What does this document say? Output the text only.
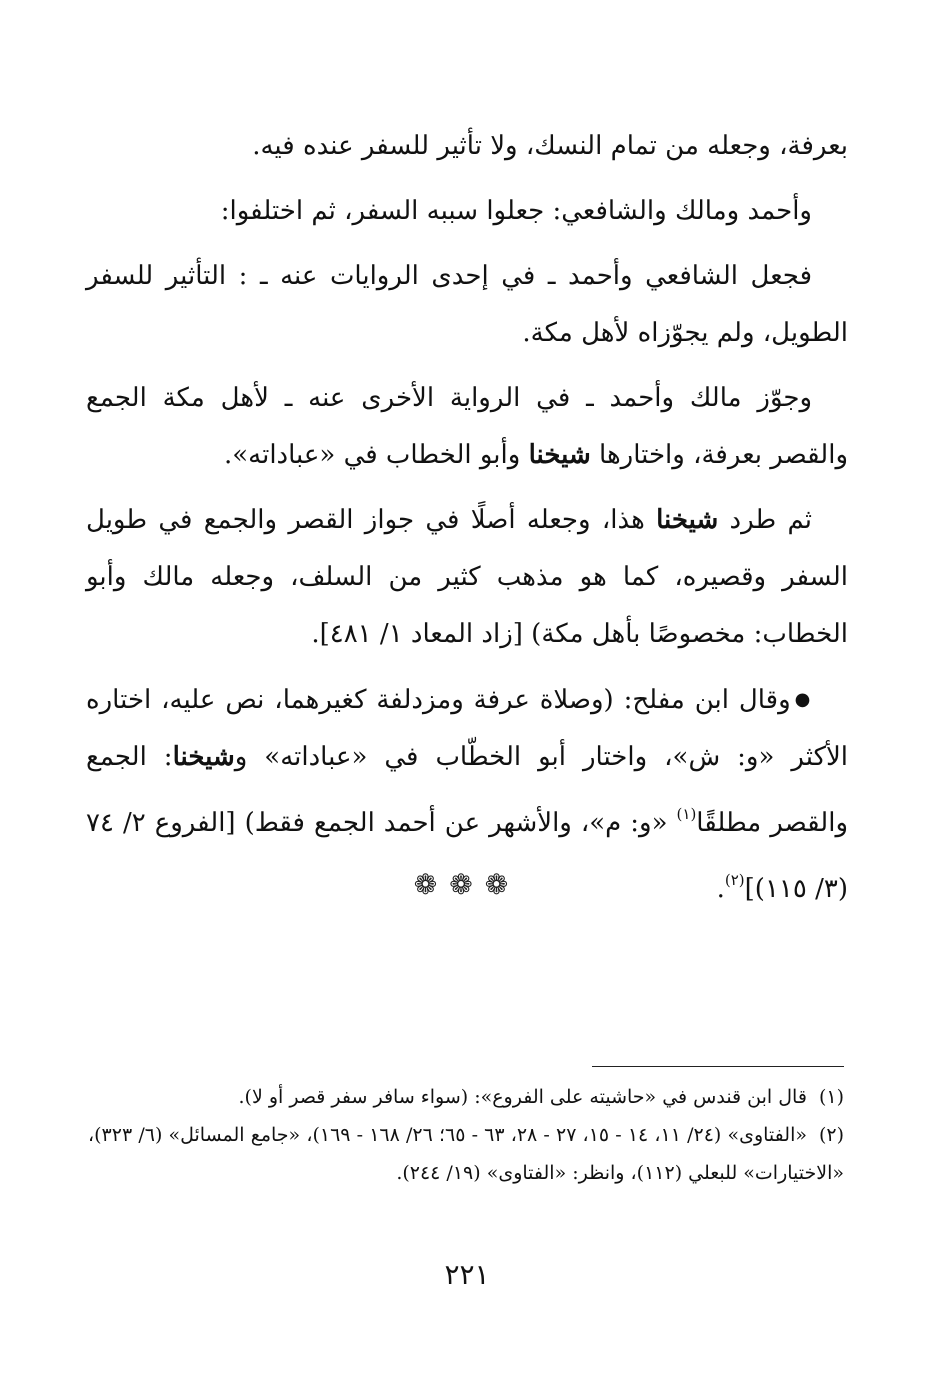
بعرفة، وجعله من تمام النسك، ولا تأثير للسفر عنده فيه.

وأحمد ومالك والشافعي: جعلوا سببه السفر، ثم اختلفوا:

فجعل الشافعي وأحمد ـ في إحدى الروايات عنه ـ : التأثير للسفر الطويل، ولم يجوّزاه لأهل مكة.

وجوّز مالك وأحمد ـ في الرواية الأخرى عنه ـ لأهل مكة الجمع والقصر بعرفة، واختارها شيخنا وأبو الخطاب في «عباداته».

ثم طرد شيخنا هذا، وجعله أصلًا في جواز القصر والجمع في طويل السفر وقصيره، كما هو مذهب كثير من السلف، وجعله مالك وأبو الخطاب: مخصوصًا بأهل مكة) [زاد المعاد ١/ ٤٨١].

●وقال ابن مفلح: (وصلاة عرفة ومزدلفة كغيرهما، نص عليه، اختاره الأكثر «و: ش»، واختار أبو الخطّاب في «عباداته» وشيخنا: الجمع والقصر مطلقًا$^{(١)}$ «و: م»، والأشهر عن أحمد الجمع فقط) [الفروع ٢/ ٧٤ (٣/ ١١٥)]$^{(٢)}$.

❁❁❁

(١)قال ابن قندس في «حاشيته على الفروع»: (سواء سافر سفر قصر أو لا).

(٢)«الفتاوى» (٢٤/ ١١، ١٤ - ١٥، ٢٧ - ٢٨، ٦٣ - ٦٥؛ ٢٦/ ١٦٨ - ١٦٩)، «جامع المسائل» (٦/ ٣٢٣)، «الاختيارات» للبعلي (١١٢)، وانظر: «الفتاوى» (١٩/ ٢٤٤).

٢٢١
